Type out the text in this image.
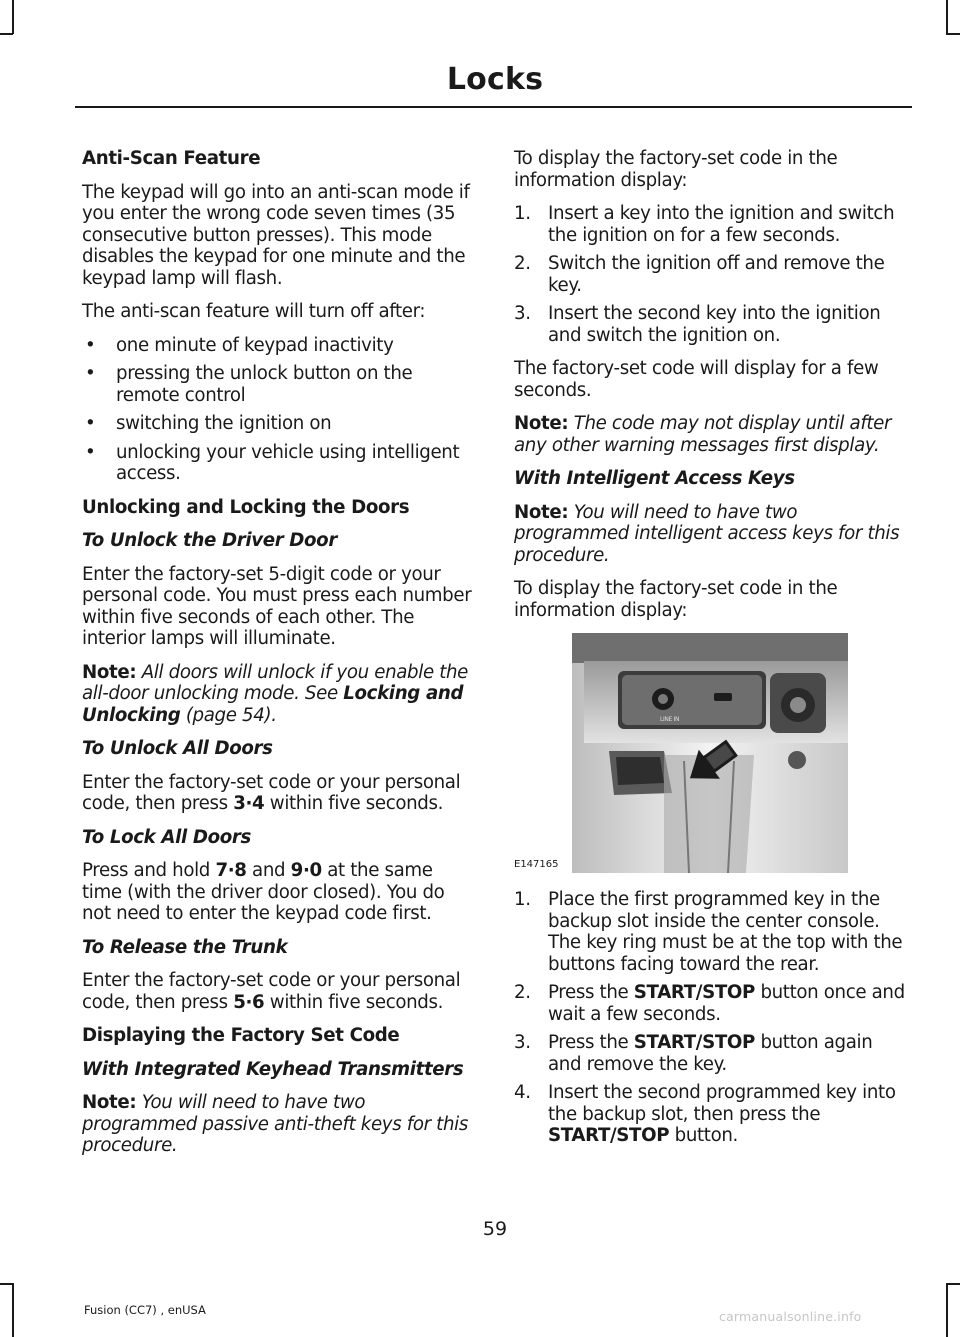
Locks
Anti-Scan Feature

The keypad will go into an anti-scan mode if you enter the wrong code seven times (35 consecutive button presses). This mode disables the keypad for one minute and the keypad lamp will flash.

The anti-scan feature will turn off after:

• one minute of keypad inactivity
• pressing the unlock button on the remote control
• switching the ignition on
• unlocking your vehicle using intelligent access.
Unlocking and Locking the Doors
To Unlock the Driver Door

Enter the factory-set 5-digit code or your personal code. You must press each number within five seconds of each other. The interior lamps will illuminate.

Note: All doors will unlock if you enable the all-door unlocking mode. See Locking and Unlocking (page 54).

To Unlock All Doors

Enter the factory-set code or your personal code, then press 3·4 within five seconds.

To Lock All Doors

Press and hold 7·8 and 9·0 at the same time (with the driver door closed). You do not need to enter the keypad code first.

To Release the Trunk

Enter the factory-set code or your personal code, then press 5·6 within five seconds.

Displaying the Factory Set Code
With Integrated Keyhead Transmitters

Note: You will need to have two programmed passive anti-theft keys for this procedure.

To display the factory-set code in the information display:

1. Insert a key into the ignition and switch the ignition on for a few seconds.
2. Switch the ignition off and remove the key.
3. Insert the second key into the ignition and switch the ignition on.

The factory-set code will display for a few seconds.

Note: The code may not display until after any other warning messages first display.

With Intelligent Access Keys

Note: You will need to have two programmed intelligent access keys for this procedure.

To display the factory-set code in the information display:

LINE IN
E147165
1. Place the first programmed key in the backup slot inside the center console. The key ring must be at the top with the buttons facing toward the rear.
2. Press the START/STOP button once and wait a few seconds.
3. Press the START/STOP button again and remove the key.
4. Insert the second programmed key into the backup slot, then press the START/STOP button.
59
Fusion (CC7) , enUSA	carmanualsonline.info
